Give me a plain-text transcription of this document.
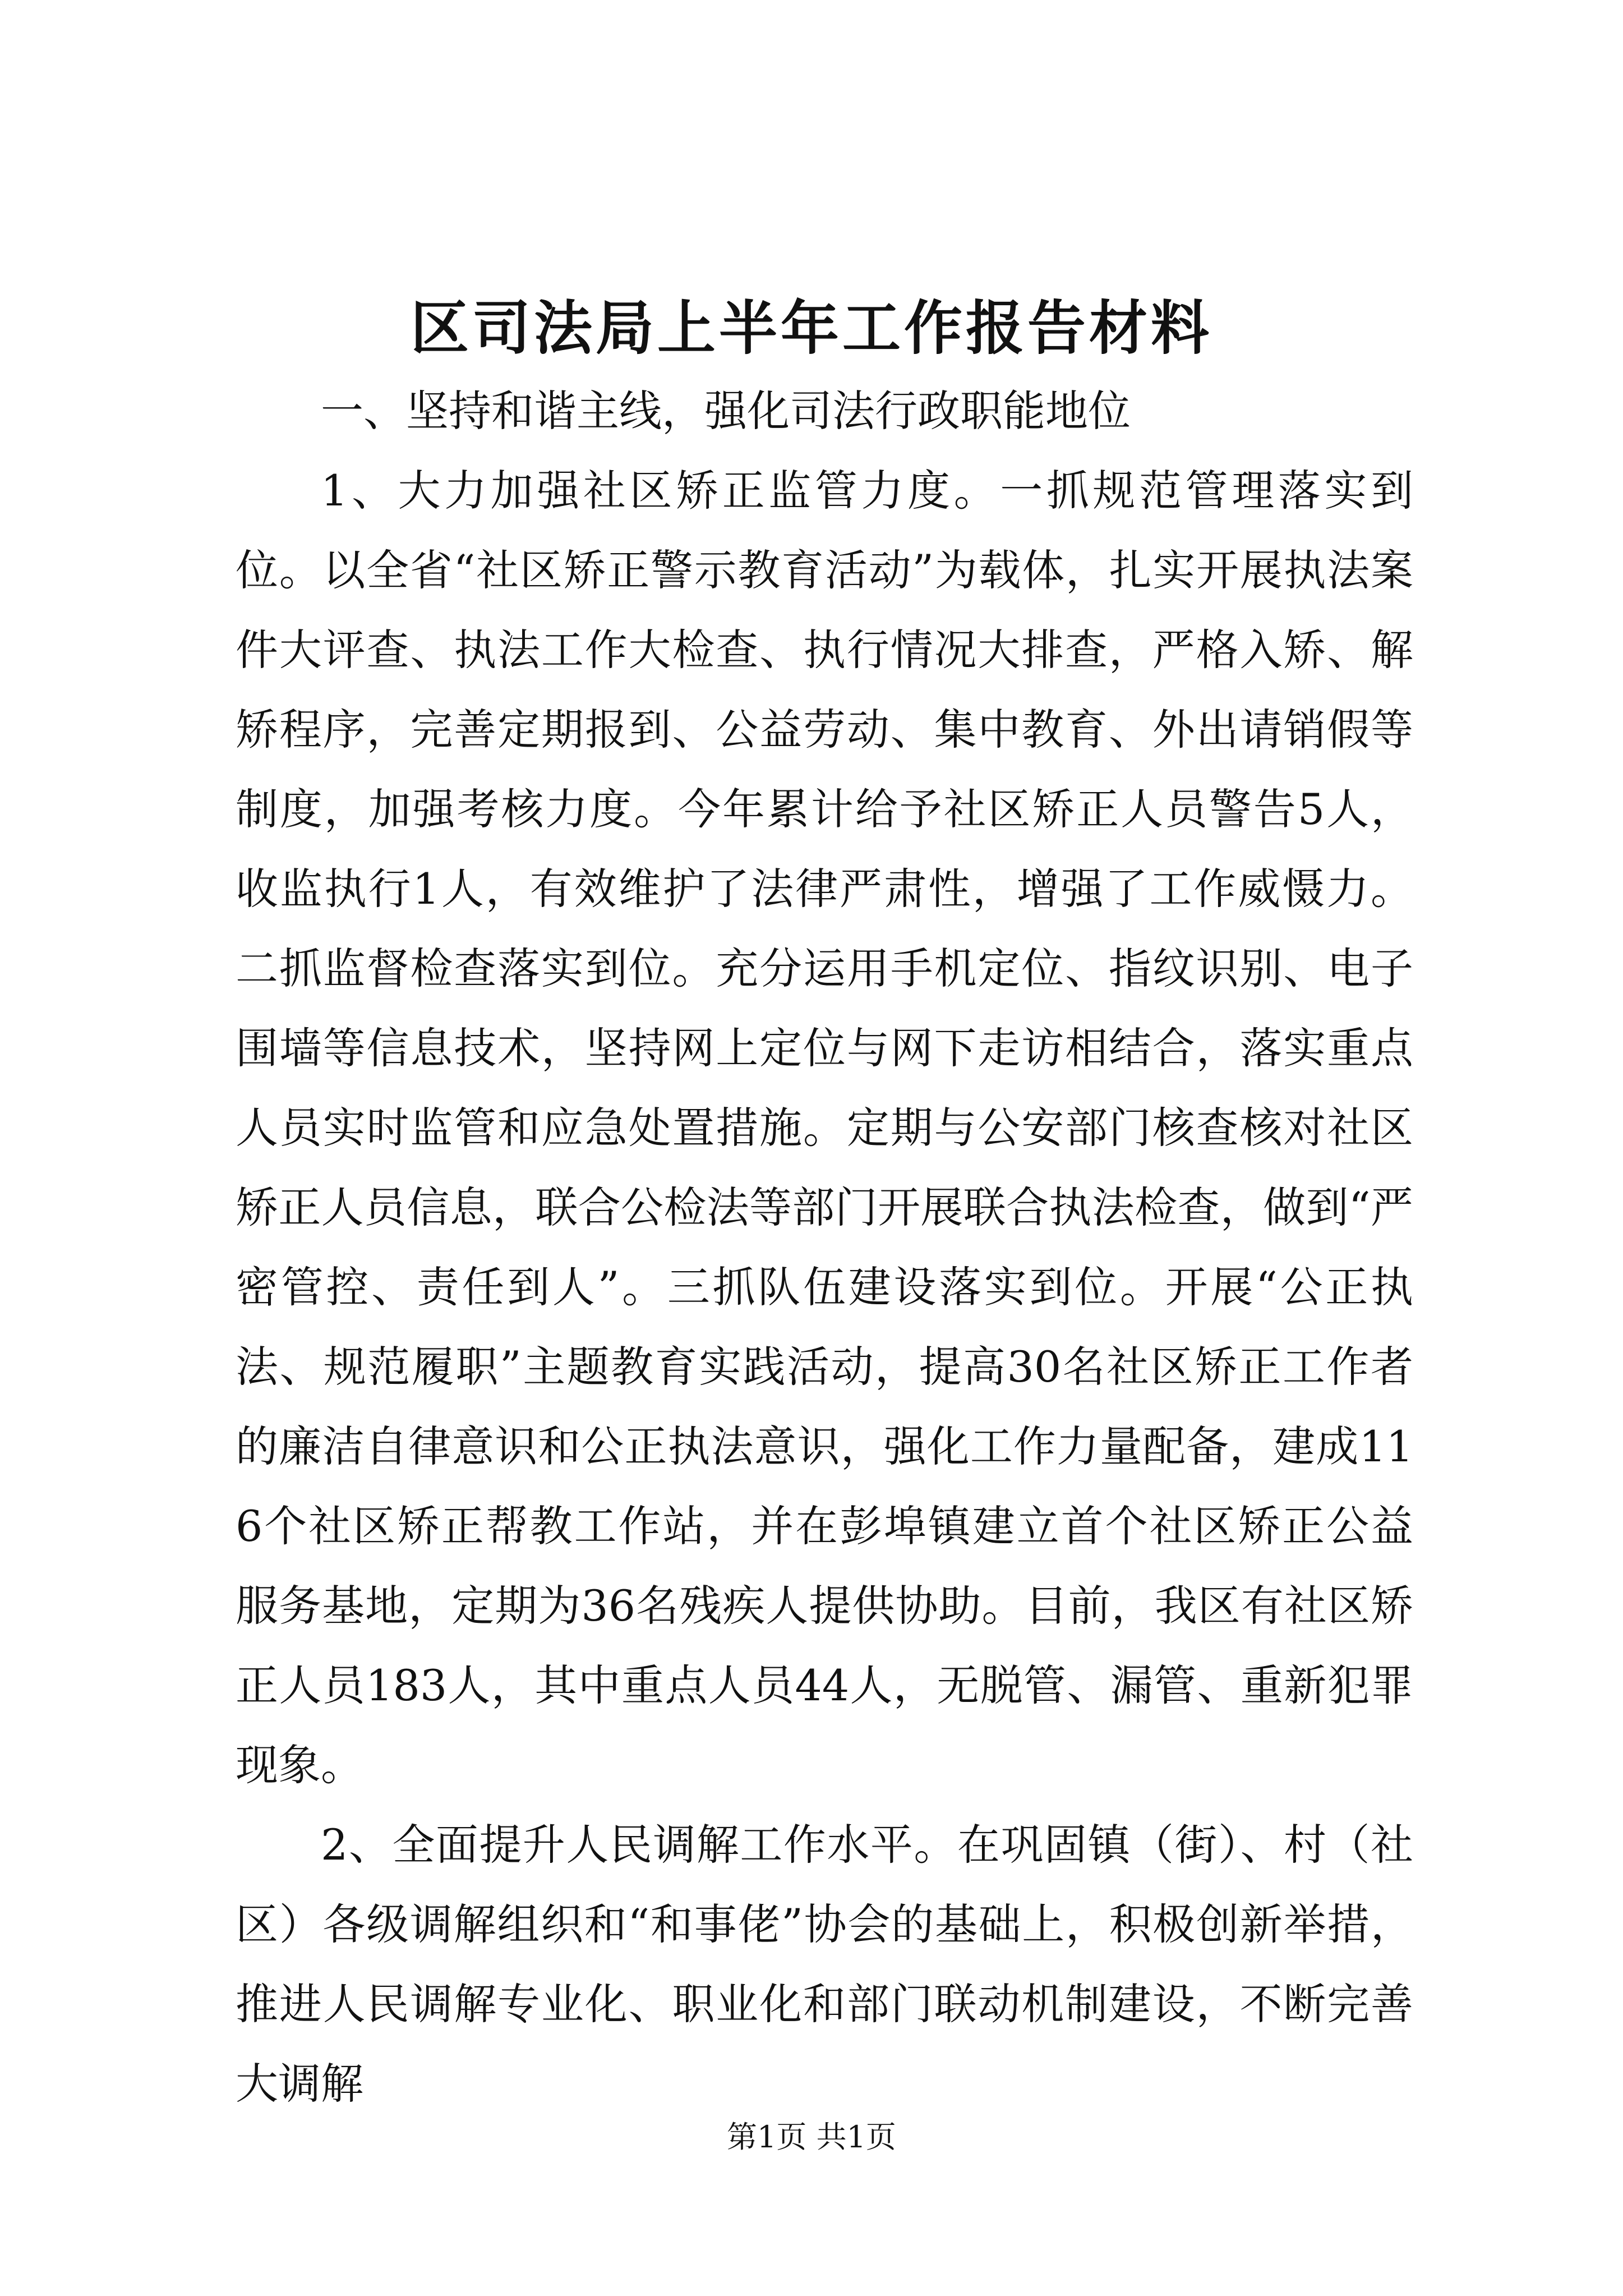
区司法局上半年工作报告材料

一、坚持和谐主线，强化司法行政职能地位

1、大力加强社区矫正监管力度。一抓规范管理落实到位。以全省“社区矫正警示教育活动”为载体，扎实开展执法案件大评查、执法工作大检查、执行情况大排查，严格入矫、解矫程序，完善定期报到、公益劳动、集中教育、外出请销假等制度，加强考核力度。今年累计给予社区矫正人员警告5人，收监执行1人，有效维护了法律严肃性，增强了工作威慑力。二抓监督检查落实到位。充分运用手机定位、指纹识别、电子围墙等信息技术，坚持网上定位与网下走访相结合，落实重点人员实时监管和应急处置措施。定期与公安部门核查核对社区矫正人员信息，联合公检法等部门开展联合执法检查，做到“严密管控、责任到人”。三抓队伍建设落实到位。开展“公正执法、规范履职”主题教育实践活动，提高30名社区矫正工作者的廉洁自律意识和公正执法意识，强化工作力量配备，建成116个社区矫正帮教工作站，并在彭埠镇建立首个社区矫正公益服务基地，定期为36名残疾人提供协助。目前，我区有社区矫正人员183人，其中重点人员44人，无脱管、漏管、重新犯罪现象。

2、全面提升人民调解工作水平。在巩固镇（街）、村（社区）各级调解组织和“和事佬”协会的基础上，积极创新举措，推进人民调解专业化、职业化和部门联动机制建设，不断完善大调解

第1页 共1页
